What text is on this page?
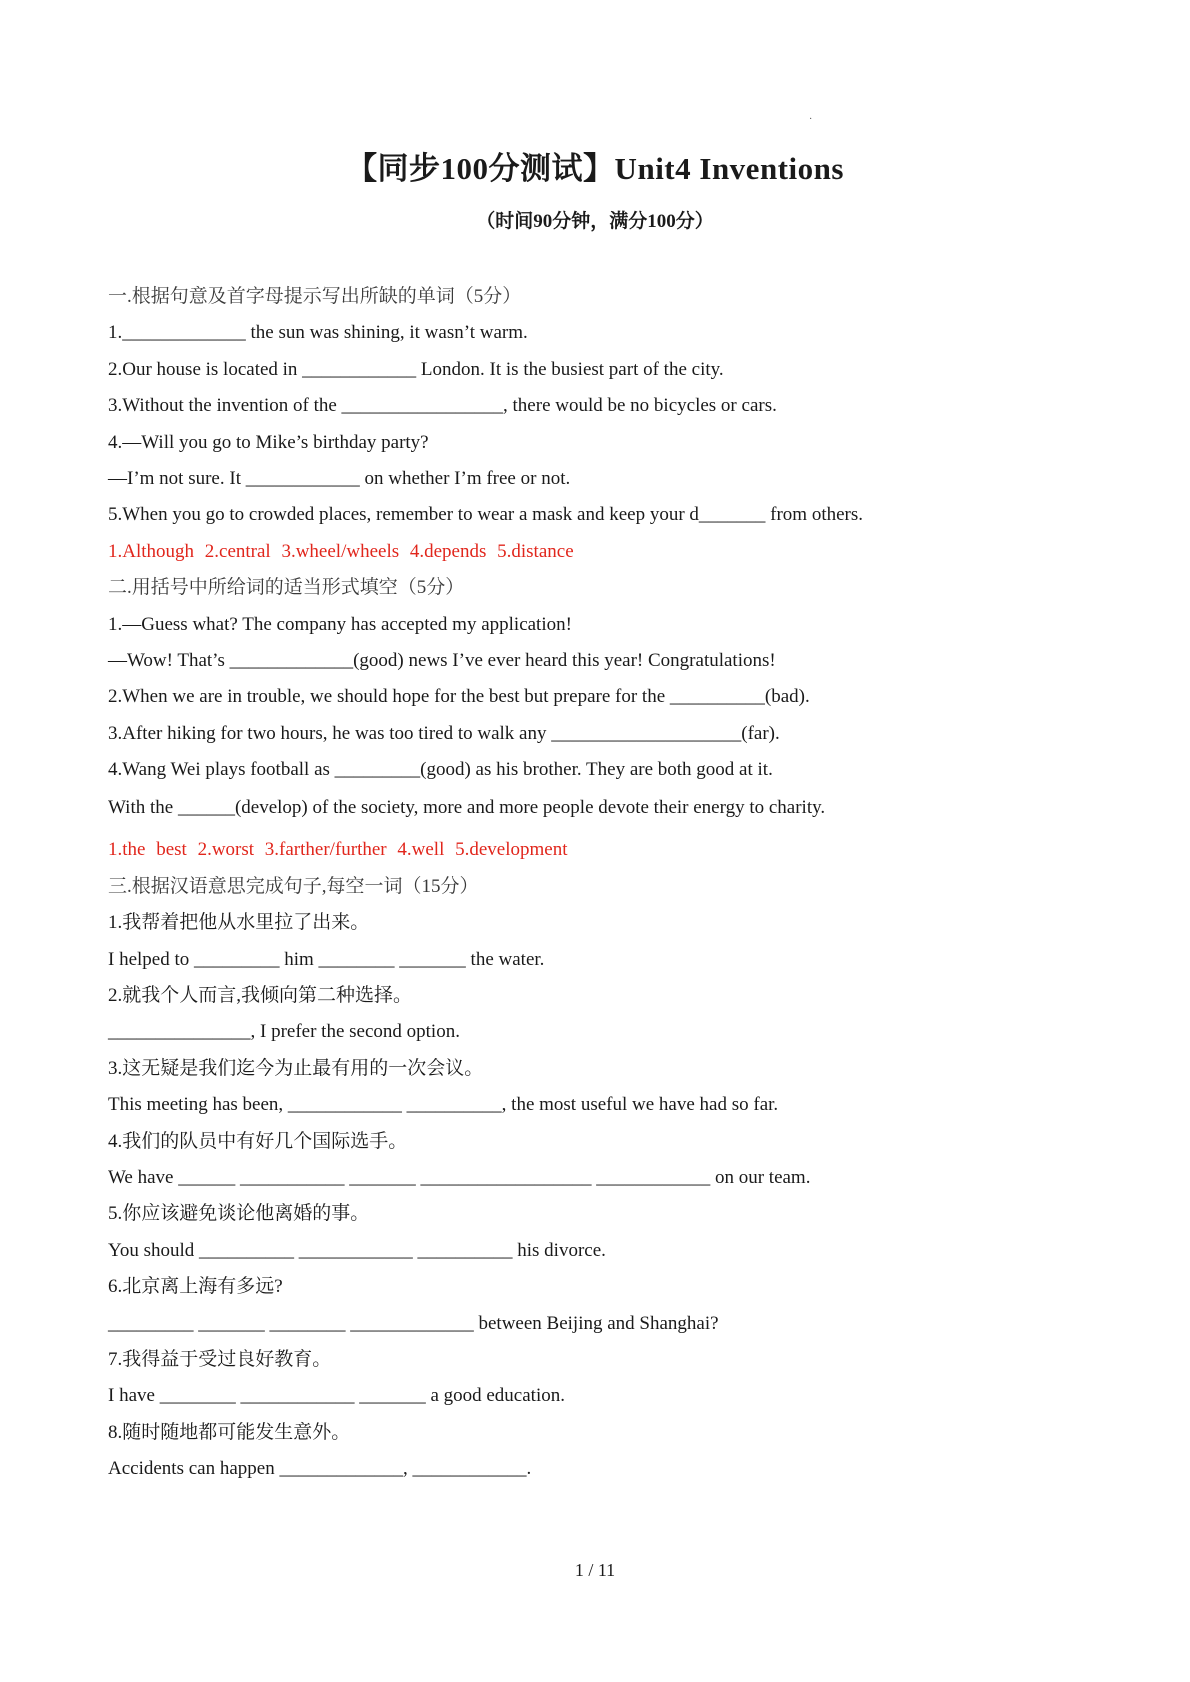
·
【同步100分测试】Unit4 Inventions
（时间90分钟，满分100分）
一.根据句意及首字母提示写出所缺的单词（5分）
1._____________ the sun was shining, it wasn’t warm.
2.Our house is located in ____________ London. It is the busiest part of the city.
3.Without the invention of the _________________, there would be no bicycles or cars.
4.—Will you go to Mike’s birthday party?
—I’m not sure. It ____________ on whether I’m free or not.
5.When you go to crowded places, remember to wear a mask and keep your d_______ from others.
1.Although 2.central 3.wheel/wheels 4.depends 5.distance
二.用括号中所给词的适当形式填空（5分）
1.—Guess what? The company has accepted my application!
—Wow! That’s _____________(good) news I’ve ever heard this year! Congratulations!
2.When we are in trouble, we should hope for the best but prepare for the __________(bad).
3.After hiking for two hours, he was too tired to walk any ____________________(far).
4.Wang Wei plays football as _________(good) as his brother. They are both good at it.
With the ______(develop) of the society, more and more people devote their energy to charity.
1.the best 2.worst 3.farther/further 4.well 5.development
三.根据汉语意思完成句子,每空一词（15分）
1.我帮着把他从水里拉了出来。
I helped to _________ him ________ _______ the water.
2.就我个人而言,我倾向第二种选择。
_______________, I prefer the second option.
3.这无疑是我们迄今为止最有用的一次会议。
This meeting has been, ____________ __________, the most useful we have had so far.
4.我们的队员中有好几个国际选手。
We have ______ ___________ _______ __________________ ____________ on our team.
5.你应该避免谈论他离婚的事。
You should __________ ____________ __________ his divorce.
6.北京离上海有多远?
_________ _______ ________ _____________ between Beijing and Shanghai?
7.我得益于受过良好教育。
I have ________ ____________ _______ a good education.
8.随时随地都可能发生意外。
Accidents can happen _____________, ____________.
1 / 11
